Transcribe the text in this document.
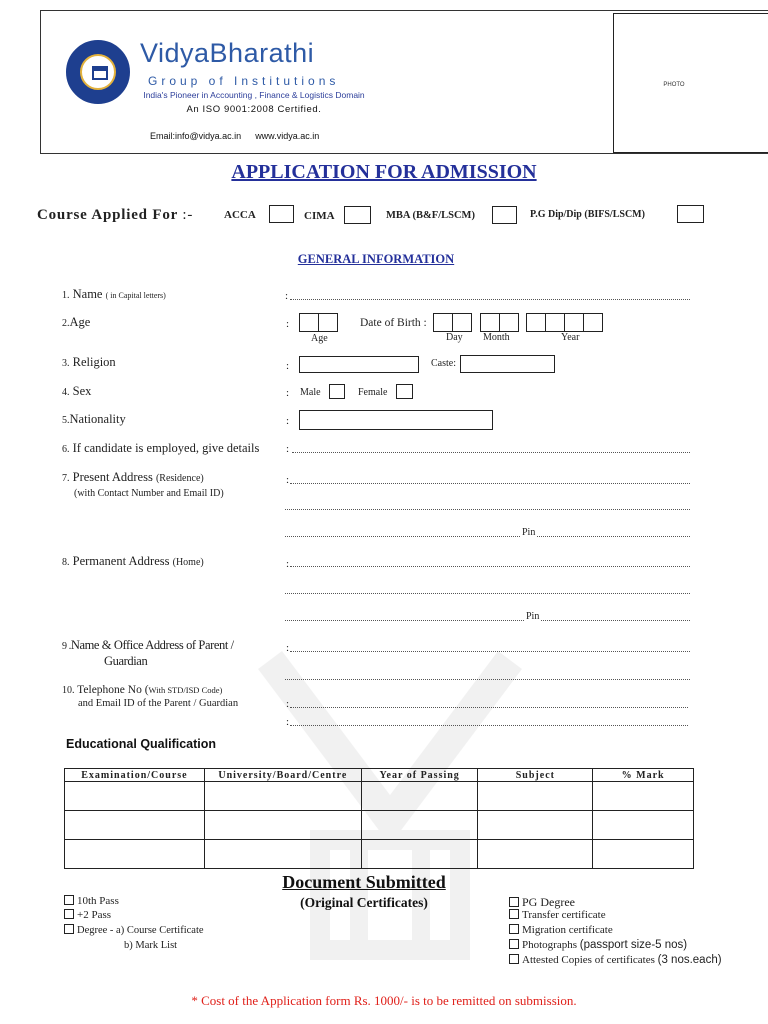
PHOTO
VidyaBharathi
Group of Institutions
India's Pioneer in Accounting , Finance & Logistics Domain
An ISO 9001:2008 Certified.
Email:info@vidya.ac.in www.vidya.ac.in
APPLICATION FOR ADMISSION
Course Applied For :-	ACCA	CIMA	MBA (B&F/LSCM)	P.G Dip/Dip (BIFS/LSCM)
GENERAL INFORMATION
1. Name ( in Capital letters)	:
2.Age	:
Age
Date of Birth :
Day Month	Year
3. Religion	:	Caste:
4. Sex	: Male	Female
5.Nationality	:
6. If candidate is employed, give details :
7. Present Address (Residence)
(with Contact Number and Email ID)
:
Pin
8. Permanent Address (Home)	:
Pin
9 .Name & Office Address of Parent /
Guardian
:
10. Telephone No (With STD/ISD Code)
and Email ID of the Parent / Guardian	:
:
Educational Qualification
Examination/Course	University/Board/Centre	Year of Passing	Subject	% Mark

Document Submitted
(Original Certificates)
10th Pass
+2 Pass
Degree - a) Course Certificate
b) Mark List
PG Degree
Transfer certificate
Migration certificate
Photographs (passport size-5 nos)
Attested Copies of certificates (3 nos.each)
* Cost of the Application form Rs. 1000/- is to be remitted on submission.
